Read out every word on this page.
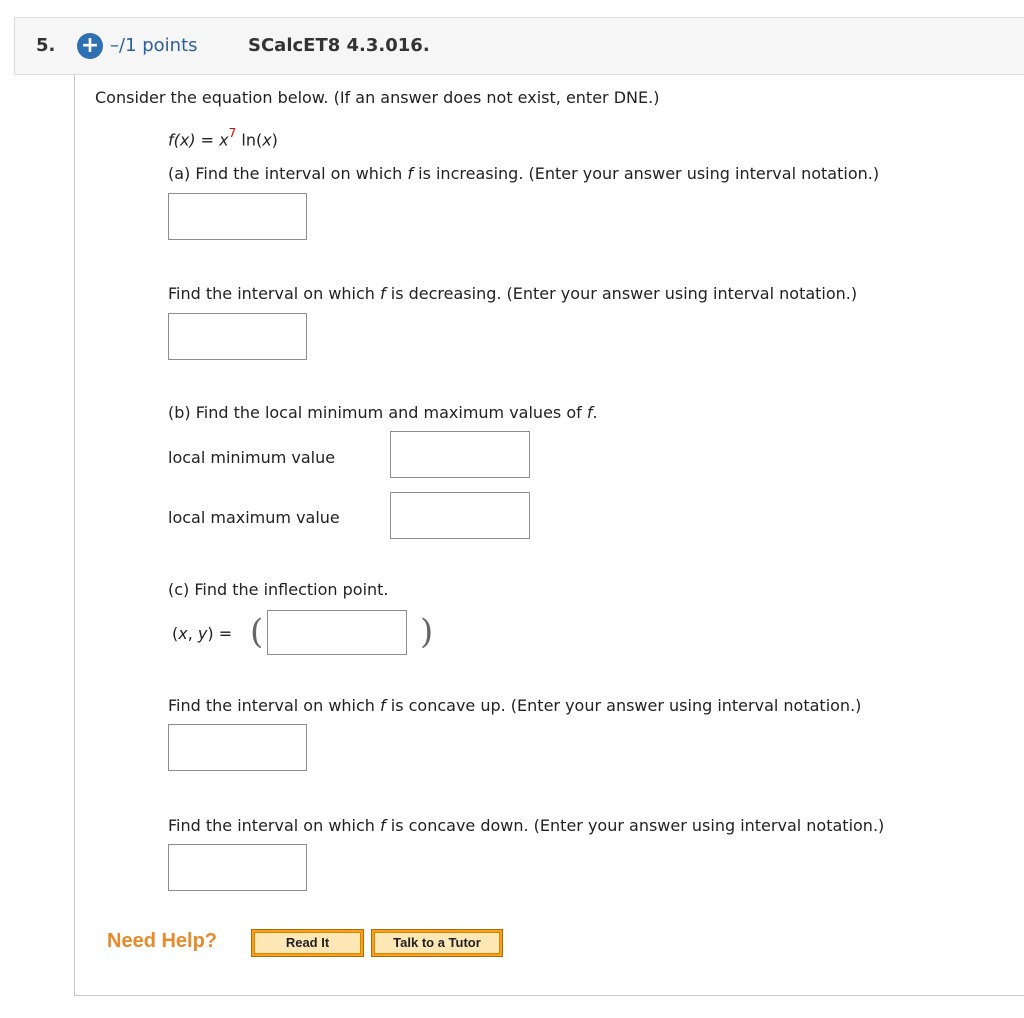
5. + –/1 points	SCalcET8 4.3.016.
Consider the equation below. (If an answer does not exist, enter DNE.)
$f(x) = x^7$ ln(x)
(a) Find the interval on which f is increasing. (Enter your answer using interval notation.)
Find the interval on which f is decreasing. (Enter your answer using interval notation.)
(b) Find the local minimum and maximum values of f.
local minimum value
local maximum value
(c) Find the inflection point.
(x, y) = (	)
Find the interval on which f is concave up. (Enter your answer using interval notation.)
Find the interval on which f is concave down. (Enter your answer using interval notation.)
Need Help?	Read It	Talk to a Tutor
